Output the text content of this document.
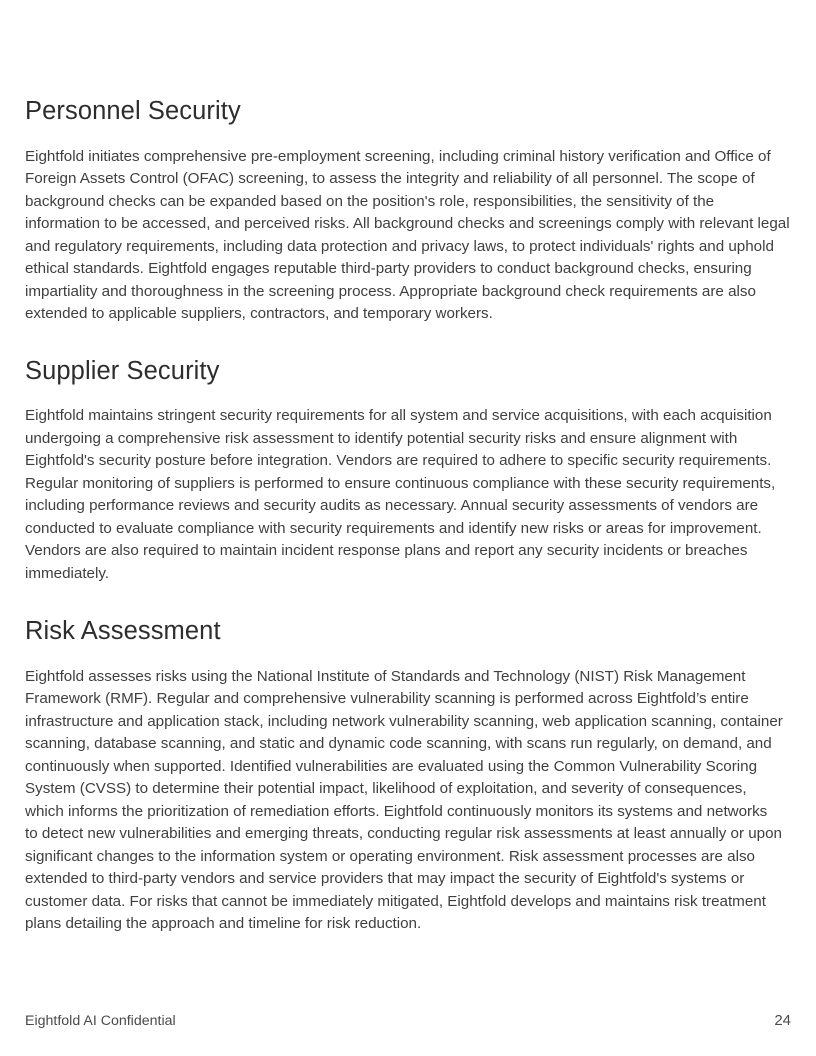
Personnel Security

Eightfold initiates comprehensive pre-employment screening, including criminal history verification and Office of Foreign Assets Control (OFAC) screening, to assess the integrity and reliability of all personnel. The scope of background checks can be expanded based on the position's role, responsibilities, the sensitivity of the information to be accessed, and perceived risks. All background checks and screenings comply with relevant legal and regulatory requirements, including data protection and privacy laws, to protect individuals' rights and uphold ethical standards. Eightfold engages reputable third-party providers to conduct background checks, ensuring impartiality and thoroughness in the screening process. Appropriate background check requirements are also extended to applicable suppliers, contractors, and temporary workers.

Supplier Security

Eightfold maintains stringent security requirements for all system and service acquisitions, with each acquisition undergoing a comprehensive risk assessment to identify potential security risks and ensure alignment with Eightfold's security posture before integration. Vendors are required to adhere to specific security requirements. Regular monitoring of suppliers is performed to ensure continuous compliance with these security requirements, including performance reviews and security audits as necessary. Annual security assessments of vendors are conducted to evaluate compliance with security requirements and identify new risks or areas for improvement. Vendors are also required to maintain incident response plans and report any security incidents or breaches immediately.

Risk Assessment

Eightfold assesses risks using the National Institute of Standards and Technology (NIST) Risk Management Framework (RMF). Regular and comprehensive vulnerability scanning is performed across Eightfold’s entire infrastructure and application stack, including network vulnerability scanning, web application scanning, container scanning, database scanning, and static and dynamic code scanning, with scans run regularly, on demand, and continuously when supported. Identified vulnerabilities are evaluated using the Common Vulnerability Scoring System (CVSS) to determine their potential impact, likelihood of exploitation, and severity of consequences, which informs the prioritization of remediation efforts. Eightfold continuously monitors its systems and networks to detect new vulnerabilities and emerging threats, conducting regular risk assessments at least annually or upon significant changes to the information system or operating environment. Risk assessment processes are also extended to third-party vendors and service providers that may impact the security of Eightfold's systems or customer data. For risks that cannot be immediately mitigated, Eightfold develops and maintains risk treatment plans detailing the approach and timeline for risk reduction.

Eightfold AI Confidential	24
